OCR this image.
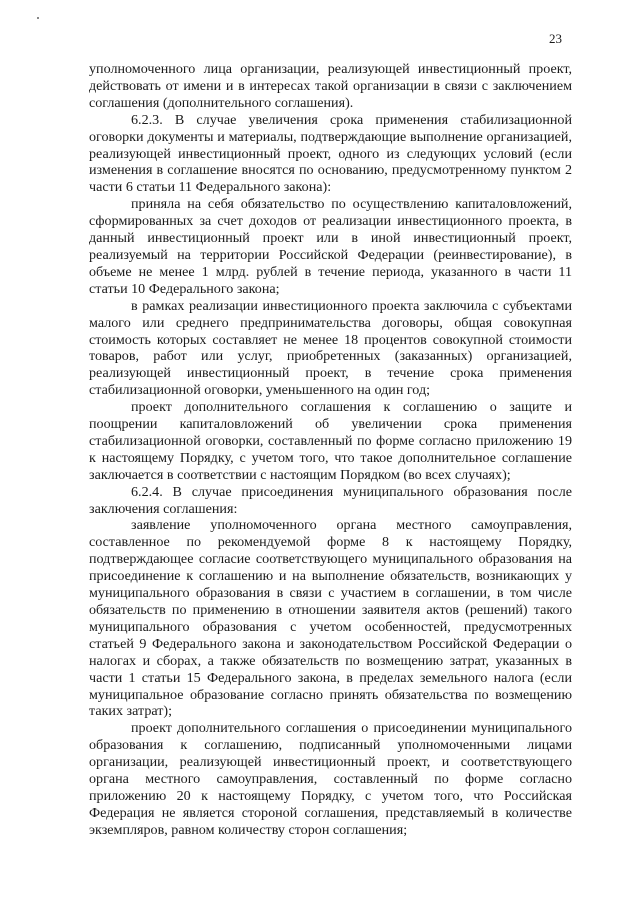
23

уполномоченного лица организации, реализующей инвестиционный проект, действовать от имени и в интересах такой организации в связи с заключением соглашения (дополнительного соглашения).

6.2.3. В случае увеличения срока применения стабилизационной оговорки документы и материалы, подтверждающие выполнение организацией, реализующей инвестиционный проект, одного из следующих условий (если изменения в соглашение вносятся по основанию, предусмотренному пунктом 2 части 6 статьи 11 Федерального закона):

приняла на себя обязательство по осуществлению капиталовложений, сформированных за счет доходов от реализации инвестиционного проекта, в данный инвестиционный проект или в иной инвестиционный проект, реализуемый на территории Российской Федерации (реинвестирование), в объеме не менее 1 млрд. рублей в течение периода, указанного в части 11 статьи 10 Федерального закона;

в рамках реализации инвестиционного проекта заключила с субъектами малого или среднего предпринимательства договоры, общая совокупная стоимость которых составляет не менее 18 процентов совокупной стоимости товаров, работ или услуг, приобретенных (заказанных) организацией, реализующей инвестиционный проект, в течение срока применения стабилизационной оговорки, уменьшенного на один год;

проект дополнительного соглашения к соглашению о защите и поощрении капиталовложений об увеличении срока применения стабилизационной оговорки, составленный по форме согласно приложению 19 к настоящему Порядку, с учетом того, что такое дополнительное соглашение заключается в соответствии с настоящим Порядком (во всех случаях);

6.2.4. В случае присоединения муниципального образования после заключения соглашения:

заявление уполномоченного органа местного самоуправления, составленное по рекомендуемой форме 8 к настоящему Порядку, подтверждающее согласие соответствующего муниципального образования на присоединение к соглашению и на выполнение обязательств, возникающих у муниципального образования в связи с участием в соглашении, в том числе обязательств по применению в отношении заявителя актов (решений) такого муниципального образования с учетом особенностей, предусмотренных статьей 9 Федерального закона и законодательством Российской Федерации о налогах и сборах, а также обязательств по возмещению затрат, указанных в части 1 статьи 15 Федерального закона, в пределах земельного налога (если муниципальное образование согласно принять обязательства по возмещению таких затрат);

проект дополнительного соглашения о присоединении муниципального образования к соглашению, подписанный уполномоченными лицами организации, реализующей инвестиционный проект, и соответствующего органа местного самоуправления, составленный по форме согласно приложению 20 к настоящему Порядку, с учетом того, что Российская Федерация не является стороной соглашения, представляемый в количестве экземпляров, равном количеству сторон соглашения;
